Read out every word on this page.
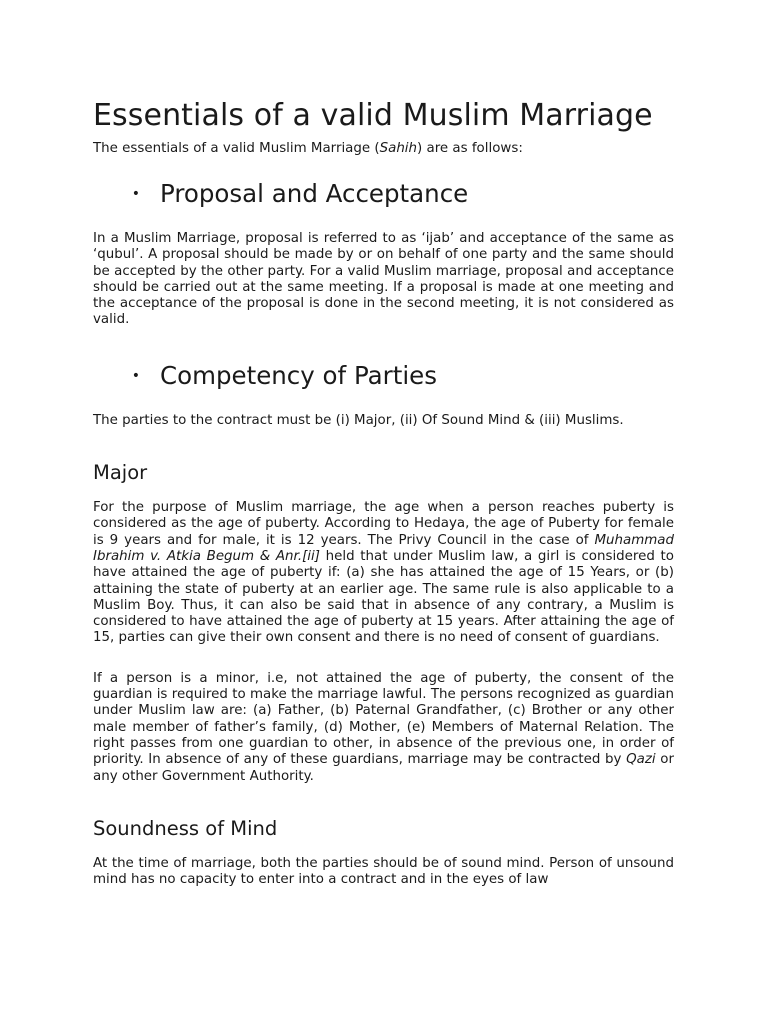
Essentials of a valid Muslim Marriage

The essentials of a valid Muslim Marriage (Sahih) are as follows:

• Proposal and Acceptance

In a Muslim Marriage, proposal is referred to as ‘ijab’ and acceptance of the same as ‘qubul’. A proposal should be made by or on behalf of one party and the same should be accepted by the other party. For a valid Muslim marriage, proposal and acceptance should be carried out at the same meeting. If a proposal is made at one meeting and the acceptance of the proposal is done in the second meeting, it is not considered as valid.

• Competency of Parties

The parties to the contract must be (i) Major, (ii) Of Sound Mind & (iii) Muslims.

Major

For the purpose of Muslim marriage, the age when a person reaches puberty is considered as the age of puberty. According to Hedaya, the age of Puberty for female is 9 years and for male, it is 12 years. The Privy Council in the case of Muhammad Ibrahim v. Atkia Begum & Anr.[ii] held that under Muslim law, a girl is considered to have attained the age of puberty if: (a) she has attained the age of 15 Years, or (b) attaining the state of puberty at an earlier age. The same rule is also applicable to a Muslim Boy. Thus, it can also be said that in absence of any contrary, a Muslim is considered to have attained the age of puberty at 15 years. After attaining the age of 15, parties can give their own consent and there is no need of consent of guardians.

If a person is a minor, i.e, not attained the age of puberty, the consent of the guardian is required to make the marriage lawful. The persons recognized as guardian under Muslim law are: (a) Father, (b) Paternal Grandfather, (c) Brother or any other male member of father’s family, (d) Mother, (e) Members of Maternal Relation. The right passes from one guardian to other, in absence of the previous one, in order of priority. In absence of any of these guardians, marriage may be contracted by Qazi or any other Government Authority.

Soundness of Mind

At the time of marriage, both the parties should be of sound mind. Person of unsound mind has no capacity to enter into a contract and in the eyes of law
